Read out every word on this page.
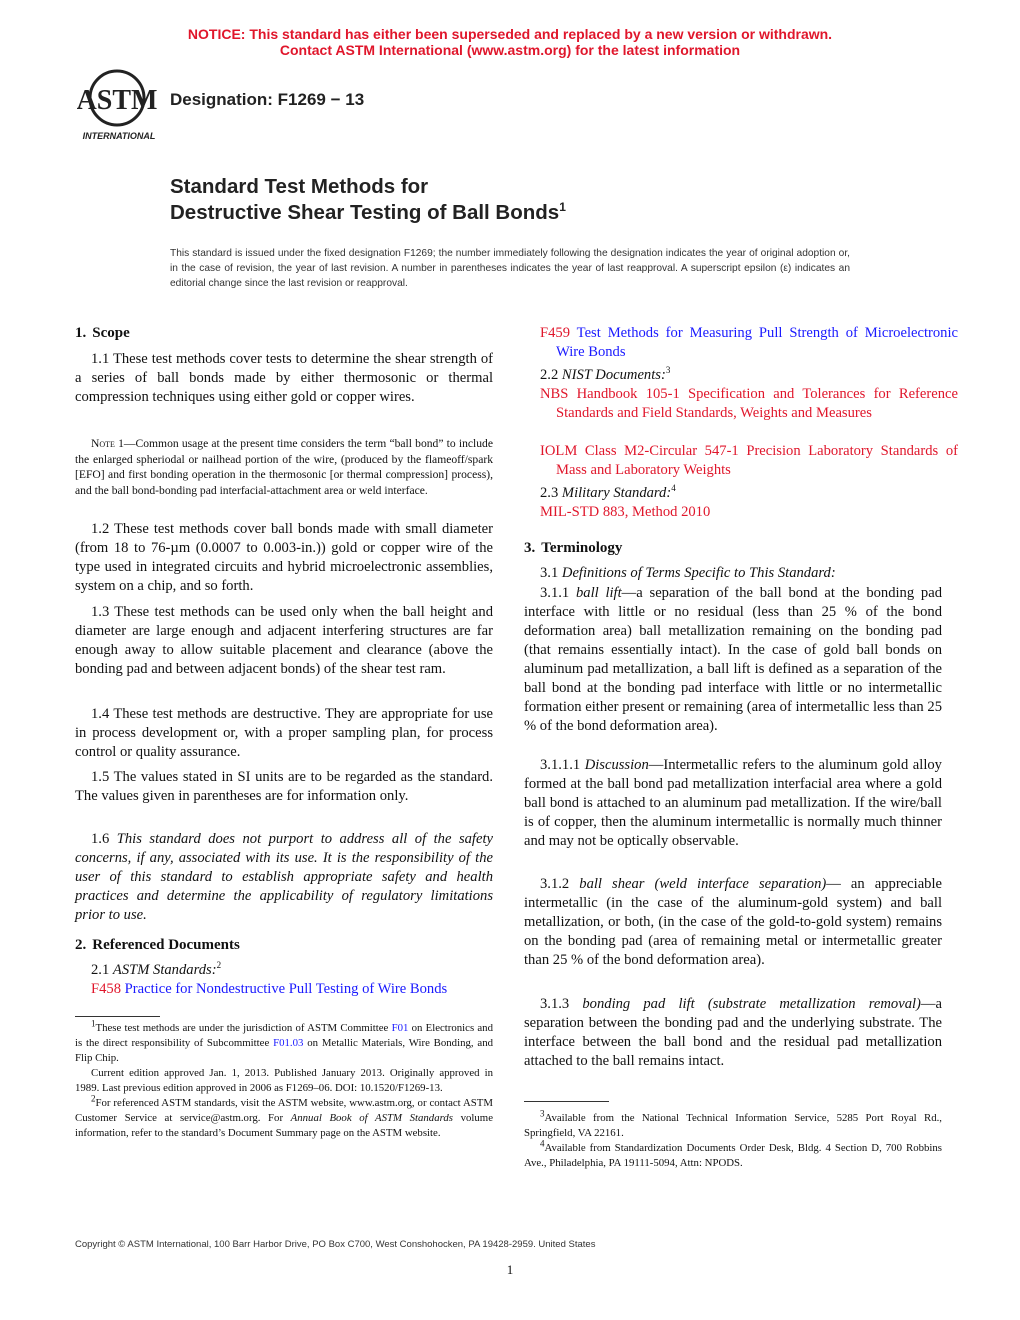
NOTICE: This standard has either been superseded and replaced by a new version or withdrawn.
Contact ASTM International (www.astm.org) for the latest information
ASTM
INTERNATIONAL
Designation: F1269 − 13
Standard Test Methods for
Destructive Shear Testing of Ball Bonds$^1$
This standard is issued under the fixed designation F1269; the number immediately following the designation indicates the year of original adoption or, in the case of revision, the year of last revision. A number in parentheses indicates the year of last reapproval. A superscript epsilon (ε) indicates an editorial change since the last revision or reapproval.
1. Scope
1.1 These test methods cover tests to determine the shear strength of a series of ball bonds made by either thermosonic or thermal compression techniques using either gold or copper wires.
Note 1—Common usage at the present time considers the term “ball bond” to include the enlarged spheriodal or nailhead portion of the wire, (produced by the flameoff/spark [EFO] and first bonding operation in the thermosonic [or thermal compression] process), and the ball bond-bonding pad interfacial-attachment area or weld interface.
1.2 These test methods cover ball bonds made with small diameter (from 18 to 76-µm (0.0007 to 0.003-in.)) gold or copper wire of the type used in integrated circuits and hybrid microelectronic assemblies, system on a chip, and so forth.
1.3 These test methods can be used only when the ball height and diameter are large enough and adjacent interfering structures are far enough away to allow suitable placement and clearance (above the bonding pad and between adjacent bonds) of the shear test ram.
1.4 These test methods are destructive. They are appropriate for use in process development or, with a proper sampling plan, for process control or quality assurance.
1.5 The values stated in SI units are to be regarded as the standard. The values given in parentheses are for information only.
1.6 This standard does not purport to address all of the safety concerns, if any, associated with its use. It is the responsibility of the user of this standard to establish appropriate safety and health practices and determine the applicability of regulatory limitations prior to use.
2. Referenced Documents
2.1 ASTM Standards:$^2$
F458 Practice for Nondestructive Pull Testing of Wire Bonds

$^1$These test methods are under the jurisdiction of ASTM Committee F01 on Electronics and is the direct responsibility of Subcommittee F01.03 on Metallic Materials, Wire Bonding, and Flip Chip.

Current edition approved Jan. 1, 2013. Published January 2013. Originally approved in 1989. Last previous edition approved in 2006 as F1269–06. DOI: 10.1520/F1269-13.

$^2$For referenced ASTM standards, visit the ASTM website, www.astm.org, or contact ASTM Customer Service at service@astm.org. For Annual Book of ASTM Standards volume information, refer to the standard’s Document Summary page on the ASTM website.

F459 Test Methods for Measuring Pull Strength of Microelectronic Wire Bonds
2.2 NIST Documents:$^3$
NBS Handbook 105-1 Specification and Tolerances for Reference Standards and Field Standards, Weights and Measures
IOLM Class M2-Circular 547-1 Precision Laboratory Standards of Mass and Laboratory Weights
2.3 Military Standard:$^4$
MIL-STD 883, Method 2010
3. Terminology
3.1 Definitions of Terms Specific to This Standard:
3.1.1 ball lift—a separation of the ball bond at the bonding pad interface with little or no residual (less than 25 % of the bond deformation area) ball metallization remaining on the bonding pad (that remains essentially intact). In the case of gold ball bonds on aluminum pad metallization, a ball lift is defined as a separation of the ball bond at the bonding pad interface with little or no intermetallic formation either present or remaining (area of intermetallic less than 25 % of the bond deformation area).
3.1.1.1 Discussion—Intermetallic refers to the aluminum gold alloy formed at the ball bond pad metallization interfacial area where a gold ball bond is attached to an aluminum pad metallization. If the wire/ball is of copper, then the aluminum intermetallic is normally much thinner and may not be optically observable.
3.1.2 ball shear (weld interface separation)— an appreciable intermetallic (in the case of the aluminum-gold system) and ball metallization, or both, (in the case of the gold-to-gold system) remains on the bonding pad (area of remaining metal or intermetallic greater than 25 % of the bond deformation area).
3.1.3 bonding pad lift (substrate metallization removal)—a separation between the bonding pad and the underlying substrate. The interface between the ball bond and the residual pad metallization attached to the ball remains intact.

$^3$Available from the National Technical Information Service, 5285 Port Royal Rd., Springfield, VA 22161.

$^4$Available from Standardization Documents Order Desk, Bldg. 4 Section D, 700 Robbins Ave., Philadelphia, PA 19111-5094, Attn: NPODS.

Copyright © ASTM International, 100 Barr Harbor Drive, PO Box C700, West Conshohocken, PA 19428-2959. United States
1
